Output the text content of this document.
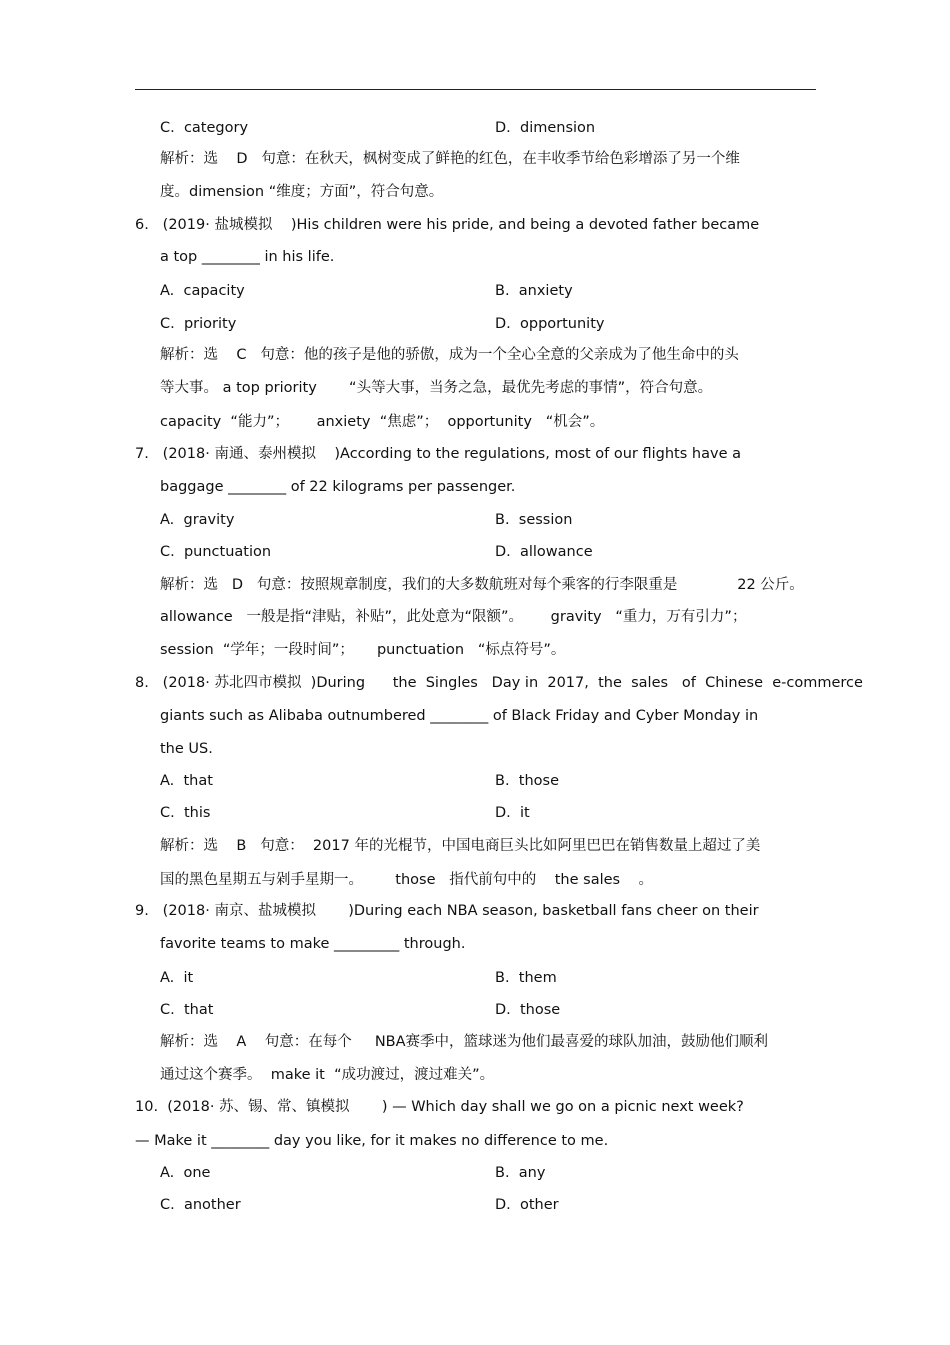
C.  category	D.  dimension
解析：选    D   句意：在秋天，枫树变成了鲜艳的红色，在丰收季节给色彩增添了另一个维
度。dimension “维度；方面”，符合句意。
6.   (2019· 盐城模拟    )His children were his pride, and being a devoted father became
a top ________ in his life.
A.  capacity	B.  anxiety
C.  priority	D.  opportunity
解析：选    C   句意：他的孩子是他的骄傲，成为一个全心全意的父亲成为了他生命中的头
等大事。 a top priority       “头等大事，当务之急，最优先考虑的事情”，符合句意。
capacity  “能力”；      anxiety  “焦虑”；  opportunity   “机会”。
7.   (2018· 南通、泰州模拟    )According to the regulations, most of our flights have a
baggage ________ of 22 kilograms per passenger.
A.  gravity	B.  session
C.  punctuation	D.  allowance
解析：选   D   句意：按照规章制度，我们的大多数航班对每个乘客的行李限重是             22 公斤。
allowance   一般是指“津贴，补贴”，此处意为“限额”。      gravity   “重力，万有引力”；
session  “学年；一段时间”；     punctuation   “标点符号”。
8.   (2018· 苏北四市模拟  )During      the  Singles   Day in  2017,  the  sales   of  Chinese  e-commerce
giants such as Alibaba outnumbered ________ of Black Friday and Cyber Monday in
the US.
A.  that	B.  those
C.  this	D.  it
解析：选    B   句意：  2017 年的光棍节，中国电商巨头比如阿里巴巴在销售数量上超过了美
国的黑色星期五与剁手星期一。       those   指代前句中的    the sales    。
9.   (2018· 南京、盐城模拟       )During each NBA season, basketball fans cheer on their
favorite teams to make _________ through.
A.  it	B.  them
C.  that	D.  those
解析：选    A    句意：在每个     NBA赛季中，篮球迷为他们最喜爱的球队加油，鼓励他们顺利
通过这个赛季。  make it  “成功渡过，渡过难关”。
10.  (2018· 苏、锡、常、镇模拟       ) — Which day shall we go on a picnic next week?
— Make it ________ day you like, for it makes no difference to me.
A.  one	B.  any
C.  another	D.  other
